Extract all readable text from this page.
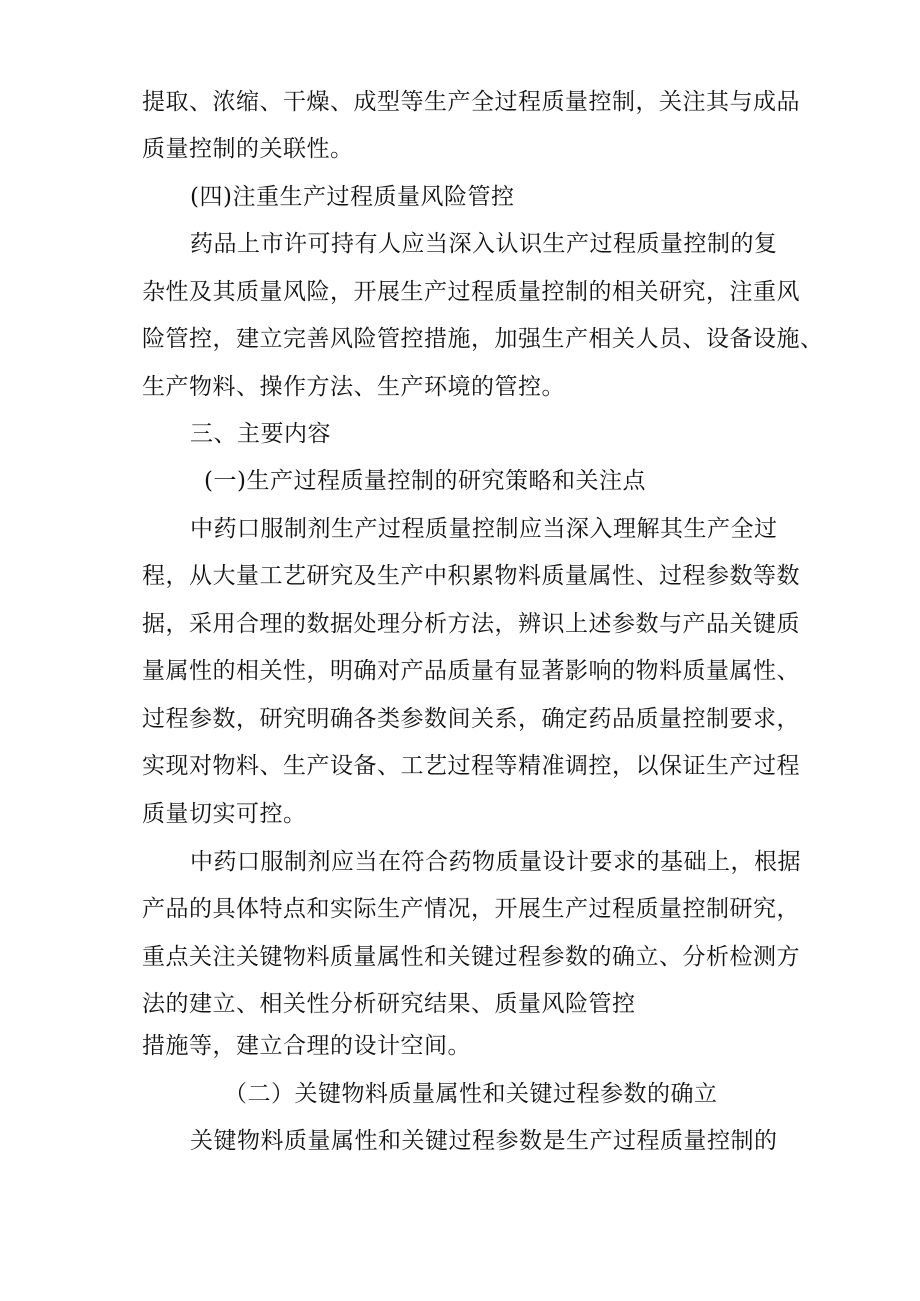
提取、浓缩、干燥、成型等生产全过程质量控制，关注其与成品
质量控制的关联性。
(四)注重生产过程质量风险管控
药品上市许可持有人应当深入认识生产过程质量控制的复
杂性及其质量风险，开展生产过程质量控制的相关研究，注重风
险管控，建立完善风险管控措施，加强生产相关人员、设备设施、
生产物料、操作方法、生产环境的管控。
三、主要内容
(一)生产过程质量控制的研究策略和关注点
中药口服制剂生产过程质量控制应当深入理解其生产全过
程，从大量工艺研究及生产中积累物料质量属性、过程参数等数
据，采用合理的数据处理分析方法，辨识上述参数与产品关键质
量属性的相关性，明确对产品质量有显著影响的物料质量属性、
过程参数，研究明确各类参数间关系，确定药品质量控制要求，
实现对物料、生产设备、工艺过程等精准调控，以保证生产过程
质量切实可控。
中药口服制剂应当在符合药物质量设计要求的基础上，根据
产品的具体特点和实际生产情况，开展生产过程质量控制研究，
重点关注关键物料质量属性和关键过程参数的确立、分析检测方
法的建立、相关性分析研究结果、质量风险管控
措施等，建立合理的设计空间。
（二）关键物料质量属性和关键过程参数的确立
关键物料质量属性和关键过程参数是生产过程质量控制的
